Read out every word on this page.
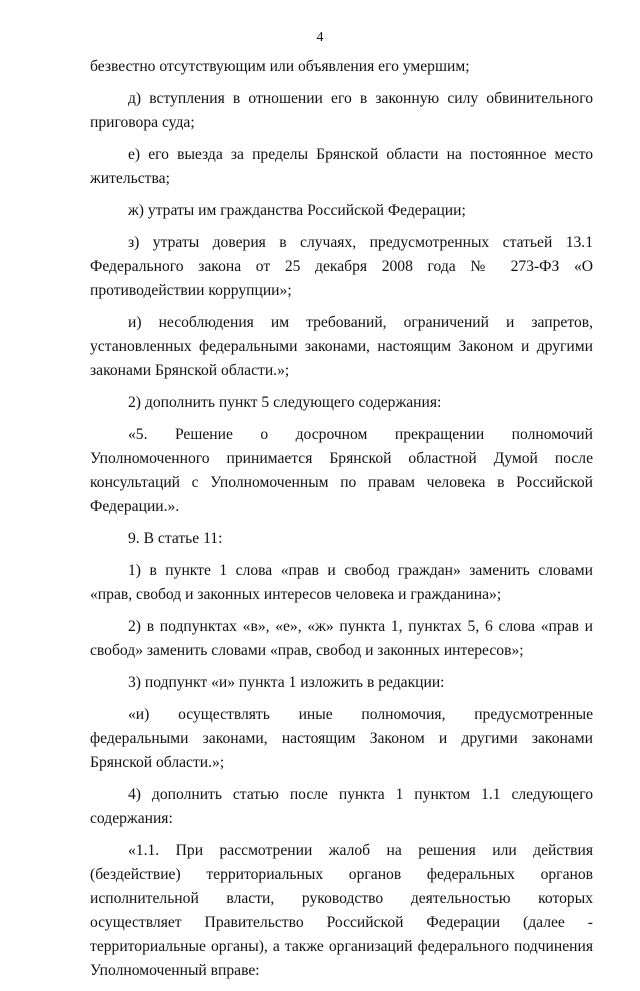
4

безвестно отсутствующим или объявления его умершим;

д) вступления в отношении его в законную силу обвинительного приговора суда;

е) его выезда за пределы Брянской области на постоянное место жительства;

ж) утраты им гражданства Российской Федерации;

з) утраты доверия в случаях, предусмотренных статьей 13.1 Федерального закона от 25 декабря 2008 года № 273-ФЗ «О противодействии коррупции»;

и) несоблюдения им требований, ограничений и запретов, установленных федеральными законами, настоящим Законом и другими законами Брянской области.»;

2) дополнить пункт 5 следующего содержания:

«5. Решение о досрочном прекращении полномочий Уполномоченного принимается Брянской областной Думой после консультаций с Уполномоченным по правам человека в Российской Федерации.».

9. В статье 11:

1) в пункте 1 слова «прав и свобод граждан» заменить словами «прав, свобод и законных интересов человека и гражданина»;

2) в подпунктах «в», «е», «ж» пункта 1, пунктах 5, 6 слова «прав и свобод» заменить словами «прав, свобод и законных интересов»;

3) подпункт «и» пункта 1 изложить в редакции:

«и) осуществлять иные полномочия, предусмотренные федеральными законами, настоящим Законом и другими законами Брянской области.»;

4) дополнить статью после пункта 1 пунктом 1.1 следующего содержания:

«1.1. При рассмотрении жалоб на решения или действия (бездействие) территориальных органов федеральных органов исполнительной власти, руководство деятельностью которых осуществляет Правительство Российской Федерации (далее - территориальные органы), а также организаций федерального подчинения Уполномоченный вправе:
